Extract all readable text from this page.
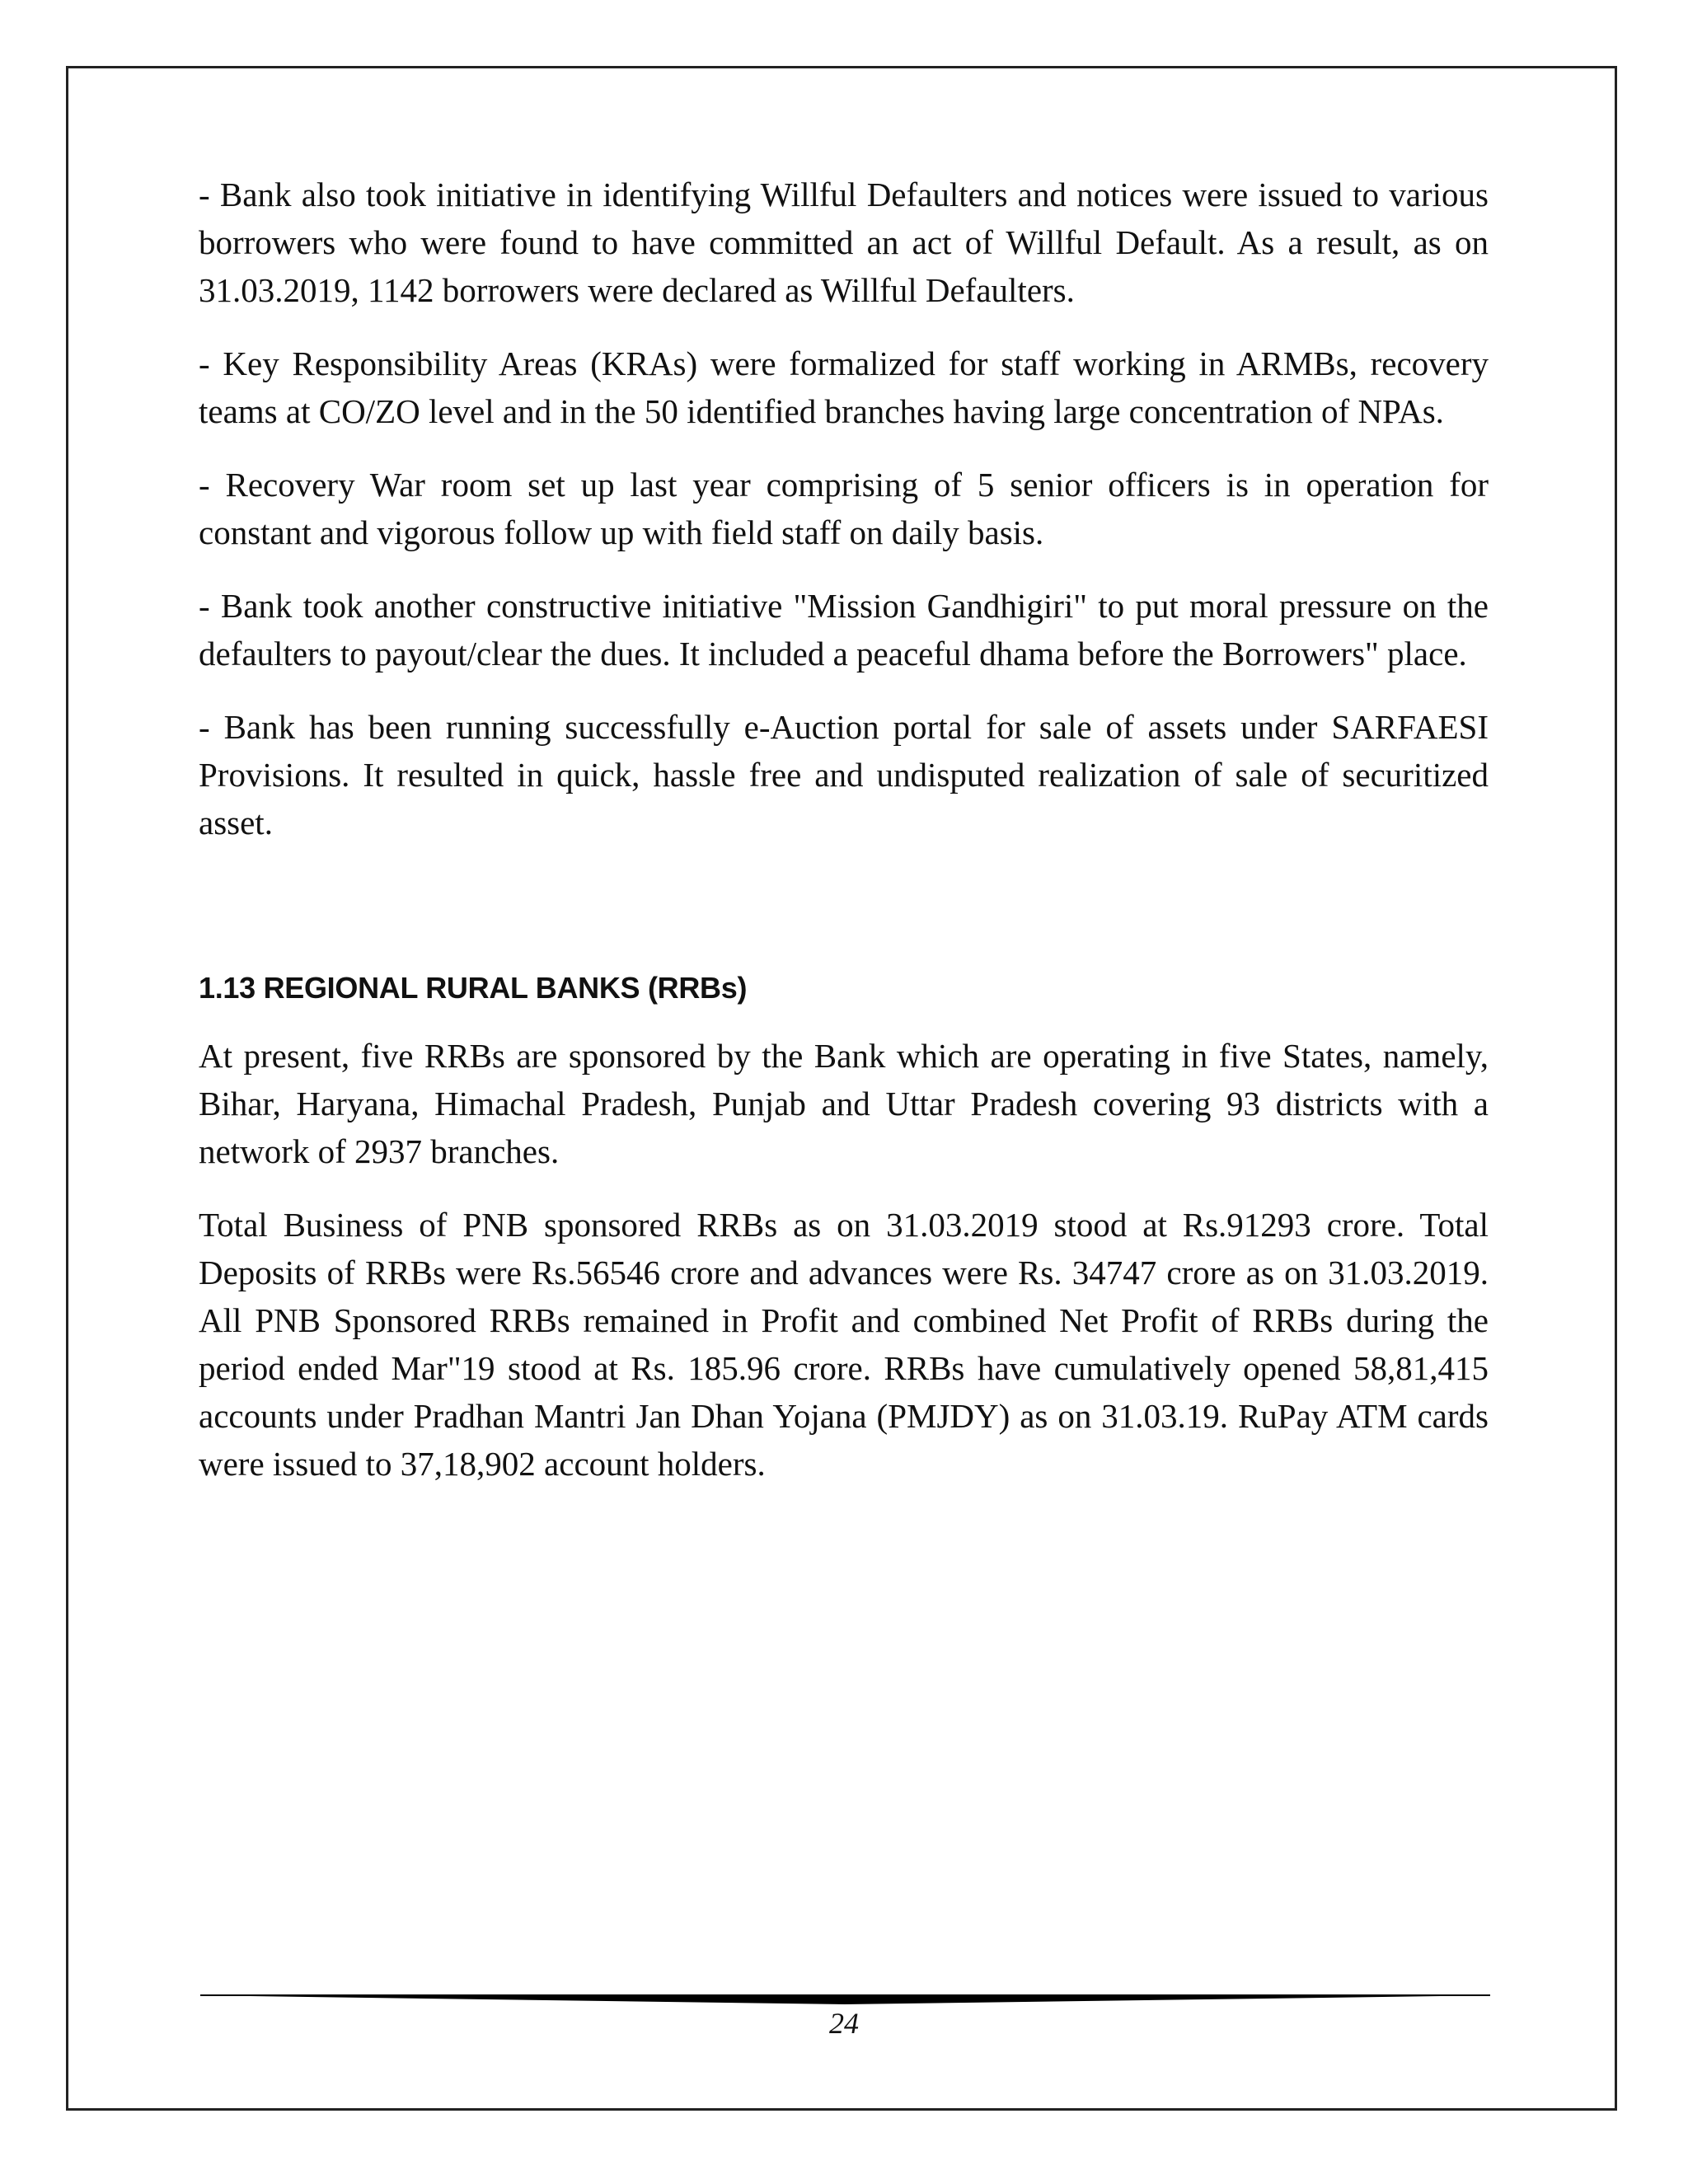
- Bank also took initiative in identifying Willful Defaulters and notices were issued to various borrowers who were found to have committed an act of Willful Default. As a result, as on 31.03.2019, 1142 borrowers were declared as Willful Defaulters.

- Key Responsibility Areas (KRAs) were formalized for staff working in ARMBs, recovery teams at CO/ZO level and in the 50 identified branches having large concentration of NPAs.

- Recovery War room set up last year comprising of 5 senior officers is in operation for constant and vigorous follow up with field staff on daily basis.

- Bank took another constructive initiative "Mission Gandhigiri" to put moral pressure on the defaulters to payout/clear the dues. It included a peaceful dhama before the Borrowers" place.

- Bank has been running successfully e-Auction portal for sale of assets under SARFAESI Provisions. It resulted in quick, hassle free and undisputed realization of sale of securitized asset.

1.13 REGIONAL RURAL BANKS (RRBs)

At present, five RRBs are sponsored by the Bank which are operating in five States, namely, Bihar, Haryana, Himachal Pradesh, Punjab and Uttar Pradesh covering 93 districts with a network of 2937 branches.

Total Business of PNB sponsored RRBs as on 31.03.2019 stood at Rs.91293 crore. Total Deposits of RRBs were Rs.56546 crore and advances were Rs. 34747 crore as on 31.03.2019. All PNB Sponsored RRBs remained in Profit and combined Net Profit of RRBs during the period ended Mar"19 stood at Rs. 185.96 crore. RRBs have cumulatively opened 58,81,415 accounts under Pradhan Mantri Jan Dhan Yojana (PMJDY) as on 31.03.19. RuPay ATM cards were issued to 37,18,902 account holders.

24
